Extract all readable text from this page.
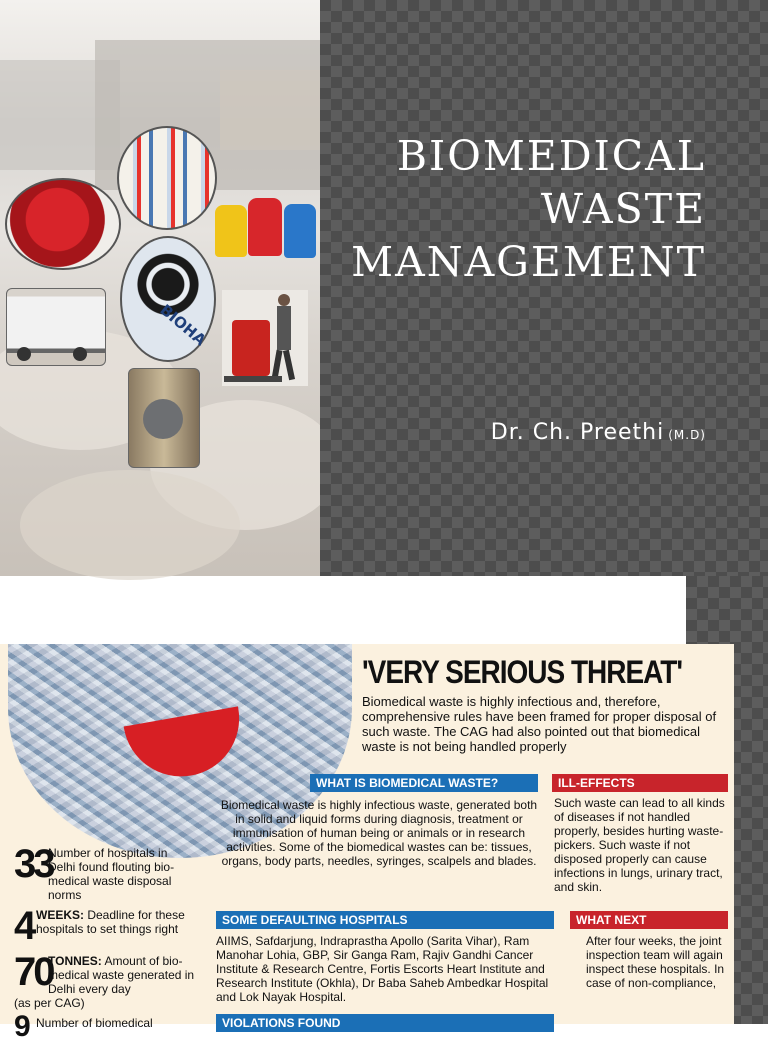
BIOHA
BIOMEDICAL
WASTE
MANAGEMENT
Dr. Ch. Preethi (M.D)
'VERY SERIOUS THREAT'

Biomedical waste is highly infectious and, therefore, comprehensive rules have been framed for proper disposal of such waste. The CAG had also pointed out that biomedical waste is not being handled properly

WHAT IS BIOMEDICAL WASTE?

Biomedical waste is highly infectious waste, generated both in solid and liquid forms during diagnosis, treatment or immunisation of human being or animals or in research activities. Some of the biomedical wastes can be: tissues, organs, body parts, needles, syringes, scalpels and blades.

ILL-EFFECTS

Such waste can lead to all kinds of diseases if not handled properly, besides hurting waste-pickers. Such waste if not disposed properly can cause infections in lungs, urinary tract, and skin.

SOME DEFAULTING HOSPITALS

AIIMS, Safdarjung, Indraprastha Apollo (Sarita Vihar), Ram Manohar Lohia, GBP, Sir Ganga Ram, Rajiv Gandhi Cancer Institute & Research Centre, Fortis Escorts Heart Institute and Research Institute (Okhla), Dr Baba Saheb Ambedkar Hospital and Lok Nayak Hospital.

WHAT NEXT

After four weeks, the joint inspection team will again inspect these hospitals. In case of non-compliance,

VIOLATIONS FOUND
33
Number of hospitals in Delhi found flouting bio-medical waste disposal norms
4 WEEKS: Deadline for these hospitals to set things right
70
TONNES: Amount of bio-medical waste generated in Delhi every day
(as per CAG)
9 Number of biomedical
